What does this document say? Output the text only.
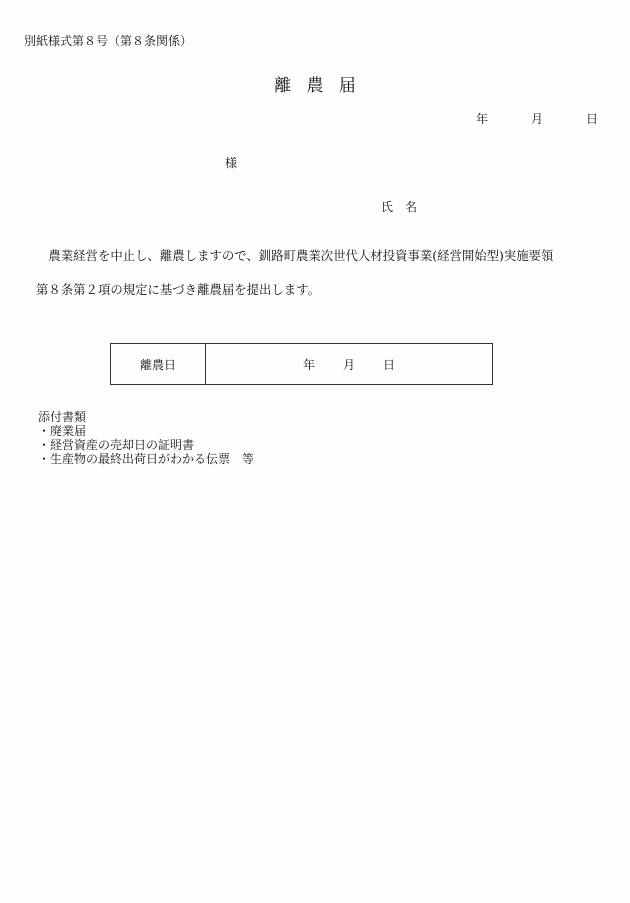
別紙様式第８号（第８条関係）
離農届
年	月	日
様
氏　名
　農業経営を中止し、離農しますので、釧路町農業次世代人材投資事業(経営開始型)実施要領
第８条第２項の規定に基づき離農届を提出します。
離農日	年	月	日
添付書類
・廃業届
・経営資産の売却日の証明書
・生産物の最終出荷日がわかる伝票　等
